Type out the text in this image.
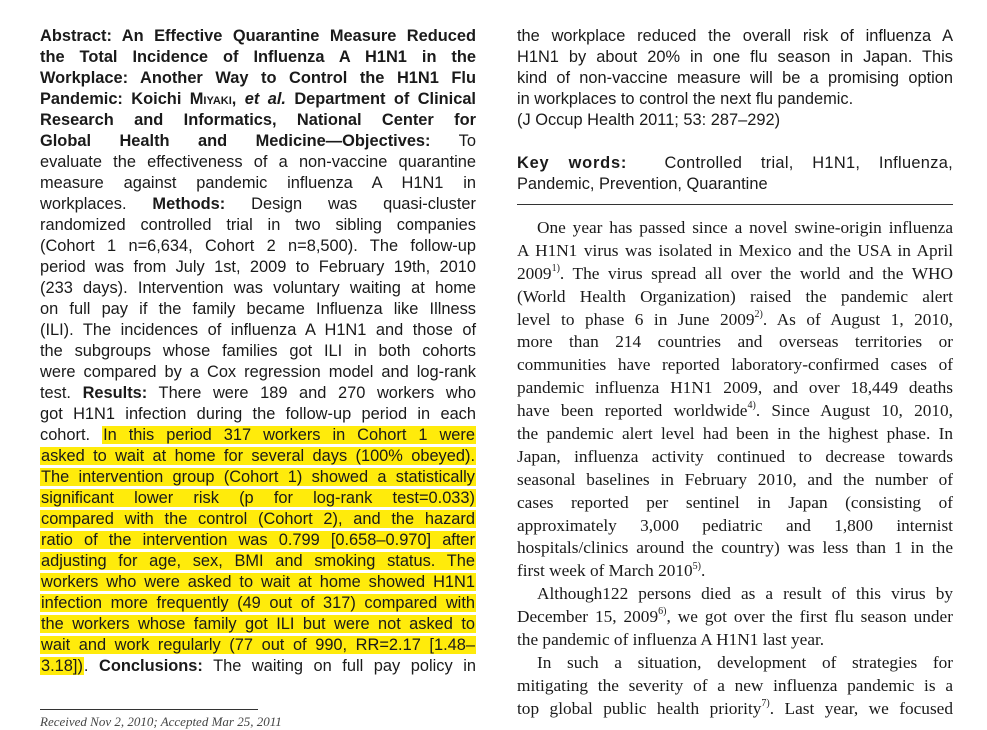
Abstract: An Effective Quarantine Measure Reduced
the Total Incidence of Influenza A H1N1 in the
Workplace: Another Way to Control the H1N1 Flu
Pandemic: Koichi Miyaki, et al. Department of Clinical
Research and Informatics, National Center for
Global Health and Medicine—Objectives: To
evaluate the effectiveness of a non-vaccine quarantine
measure against pandemic influenza A H1N1 in
workplaces. Methods: Design was quasi-cluster
randomized controlled trial in two sibling companies
(Cohort 1 n=6,634, Cohort 2 n=8,500). The follow-up
period was from July 1st, 2009 to February 19th, 2010
(233 days). Intervention was voluntary waiting at home
on full pay if the family became Influenza like Illness
(ILI). The incidences of influenza A H1N1 and those of
the subgroups whose families got ILI in both cohorts
were compared by a Cox regression model and log-rank
test. Results: There were 189 and 270 workers who
got H1N1 infection during the follow-up period in each
cohort. In this period 317 workers in Cohort 1 were
asked to wait at home for several days (100% obeyed).
The intervention group (Cohort 1) showed a statistically
significant lower risk (p for log-rank test=0.033)
compared with the control (Cohort 2), and the hazard
ratio of the intervention was 0.799 [0.658–0.970] after
adjusting for age, sex, BMI and smoking status. The
workers who were asked to wait at home showed H1N1
infection more frequently (49 out of 317) compared with
the workers whose family got ILI but were not asked to
wait and work regularly (77 out of 990, RR=2.17 [1.48–
3.18]). Conclusions: The waiting on full pay policy in
the workplace reduced the overall risk of influenza A
H1N1 by about 20% in one flu season in Japan. This
kind of non-vaccine measure will be a promising option
in workplaces to control the next flu pandemic.
(J Occup Health 2011; 53: 287–292)
Key words: Controlled trial, H1N1, Influenza,
Pandemic, Prevention, Quarantine
One year has passed since a novel swine-origin influenza
A H1N1 virus was isolated in Mexico and the USA in April
2009$^{1)}$. The virus spread all over the world and the WHO
(World Health Organization) raised the pandemic alert
level to phase 6 in June 2009$^{2)}$. As of August 1, 2010,
more than 214 countries and overseas territories or
communities have reported laboratory-confirmed cases of
pandemic influenza H1N1 2009, and over 18,449 deaths
have been reported worldwide$^{4)}$. Since August 10, 2010,
the pandemic alert level had been in the highest phase. In
Japan, influenza activity continued to decrease towards
seasonal baselines in February 2010, and the number of
cases reported per sentinel in Japan (consisting of
approximately 3,000 pediatric and 1,800 internist
hospitals/clinics around the country) was less than 1 in the
first week of March 2010$^{5)}$.
Although122 persons died as a result of this virus by
December 15, 2009$^{6)}$, we got over the first flu season under
the pandemic of influenza A H1N1 last year.
In such a situation, development of strategies for
mitigating the severity of a new influenza pandemic is a
top global public health priority$^{7)}$. Last year, we focused
Received Nov 2, 2010; Accepted Mar 25, 2011
